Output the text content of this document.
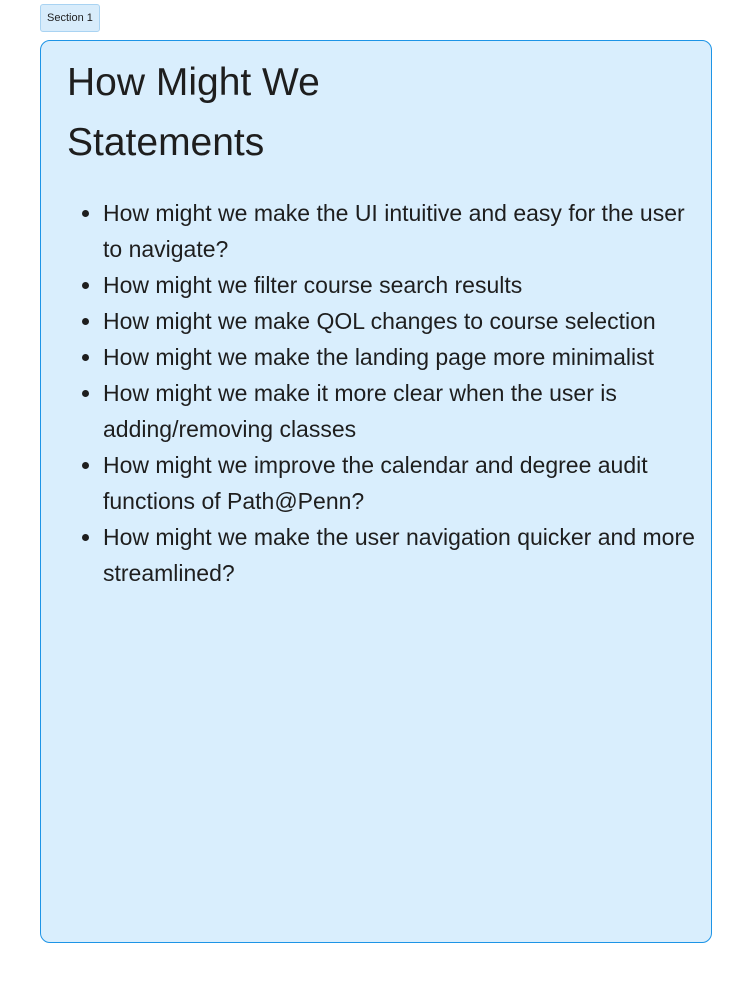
Section 1
How Might We Statements
How might we make the UI intuitive and easy for the user to navigate?
How might we filter course search results
How might we make QOL changes to course selection
How might we make the landing page more minimalist
How might we make it more clear when the user is adding/removing classes
How might we improve the calendar and degree audit functions of Path@Penn?
How might we make the user navigation quicker and more streamlined?
